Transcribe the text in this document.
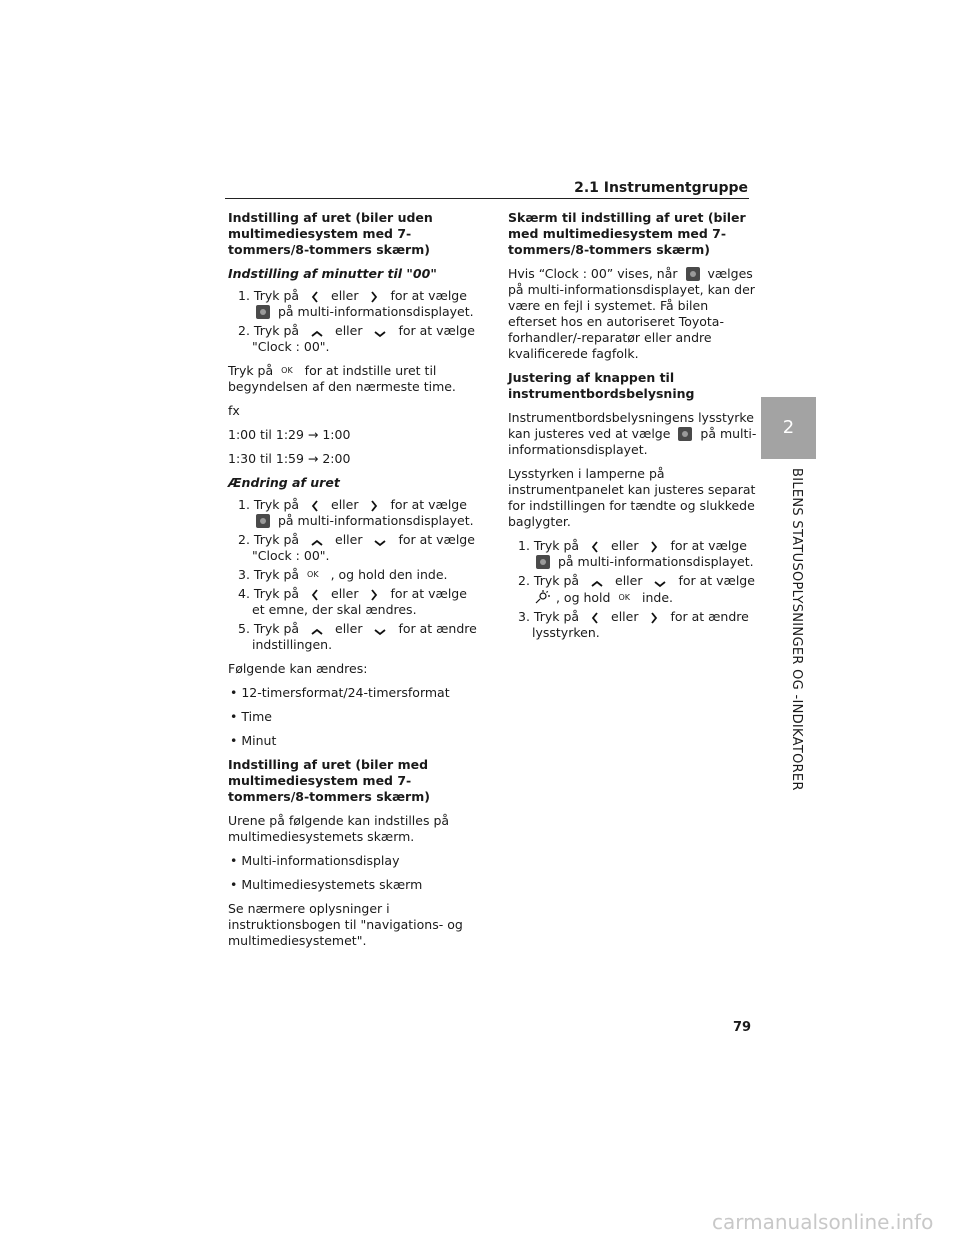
2.1 Instrumentgruppe

Indstilling af uret (biler uden multimediesystem med 7-tommers/8-tommers skærm)

Indstilling af minutter til "00"

1. Tryk på	eller	for at vælge  på multi-informationsdisplayet.

2. Tryk på	eller	for at vælge "Clock : 00".

Tryk på OK for at indstille uret til begyndelsen af den nærmeste time.

fx

1:00 til 1:29 → 1:00

1:30 til 1:59 → 2:00

Ændring af uret

1. Tryk på	eller	for at vælge  på multi-informationsdisplayet.

2. Tryk på	eller	for at vælge "Clock : 00".

3. Tryk på OK , og hold den inde.

4. Tryk på	eller	for at vælge et emne, der skal ændres.

5. Tryk på	eller	for at ændre indstillingen.

Følgende kan ændres:

• 12-timersformat/24-timersformat

• Time

• Minut

Indstilling af uret (biler med multimediesystem med 7-tommers/8-tommers skærm)

Urene på følgende kan indstilles på multimediesystemets skærm.

• Multi-informationsdisplay

• Multimediesystemets skærm

Se nærmere oplysninger i instruktionsbogen til "navigations- og multimediesystemet".

Skærm til indstilling af uret (biler med multimediesystem med 7-tommers/8-tommers skærm)

Hvis “Clock : 00” vises, når vælges på multi-informationsdisplayet, kan der være en fejl i systemet. Få bilen efterset hos en autoriseret Toyota-forhandler/-reparatør eller andre kvalificerede fagfolk.

Justering af knappen til instrumentbordsbelysning

Instrumentbordsbelysningens lysstyrke kan justeres ved at vælge på multi-informationsdisplayet.

Lysstyrken i lamperne på instrumentpanelet kan justeres separat for indstillingen for tændte og slukkede baglygter.

1. Tryk på	eller	for at vælge  på multi-informationsdisplayet.

2. Tryk på	eller	for at vælge  , og hold OK inde.

3. Tryk på	eller	for at ændre lysstyrken.

2
BILENS STATUSOPLYSNINGER OG -INDIKATORER
79
carmanualsonline.info
